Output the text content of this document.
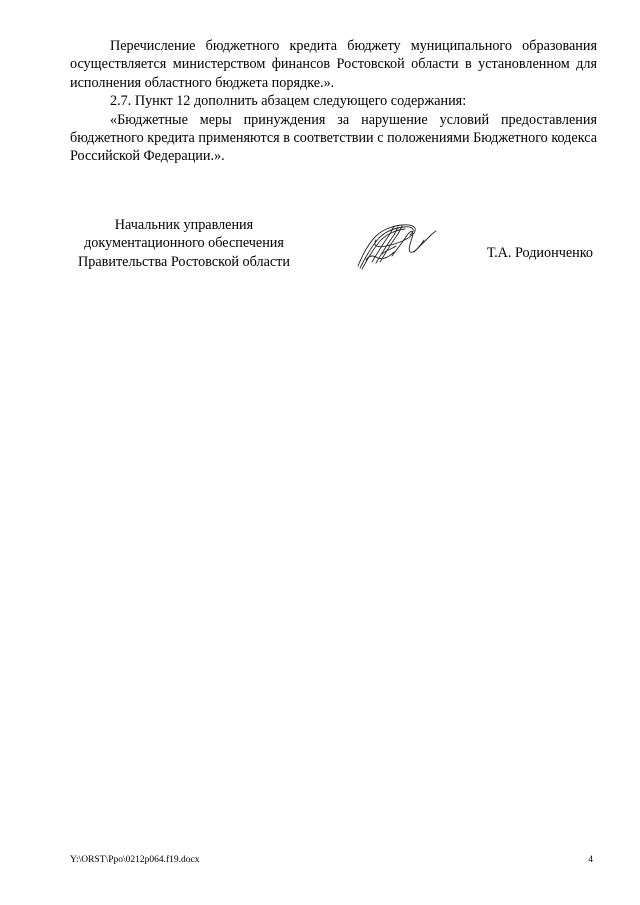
Перечисление бюджетного кредита бюджету муниципального образования осуществляется министерством финансов Ростовской области в установленном для исполнения областного бюджета порядке.».

2.7. Пункт 12 дополнить абзацем следующего содержания:

«Бюджетные меры принуждения за нарушение условий предоставления бюджетного кредита применяются в соответствии с положениями Бюджетного кодекса Российской Федерации.».

Начальник управления
документационного обеспечения
Правительства Ростовской области
Т.А. Родионченко
Y:\ORST\Ppo\0212p064.f19.docx	4
